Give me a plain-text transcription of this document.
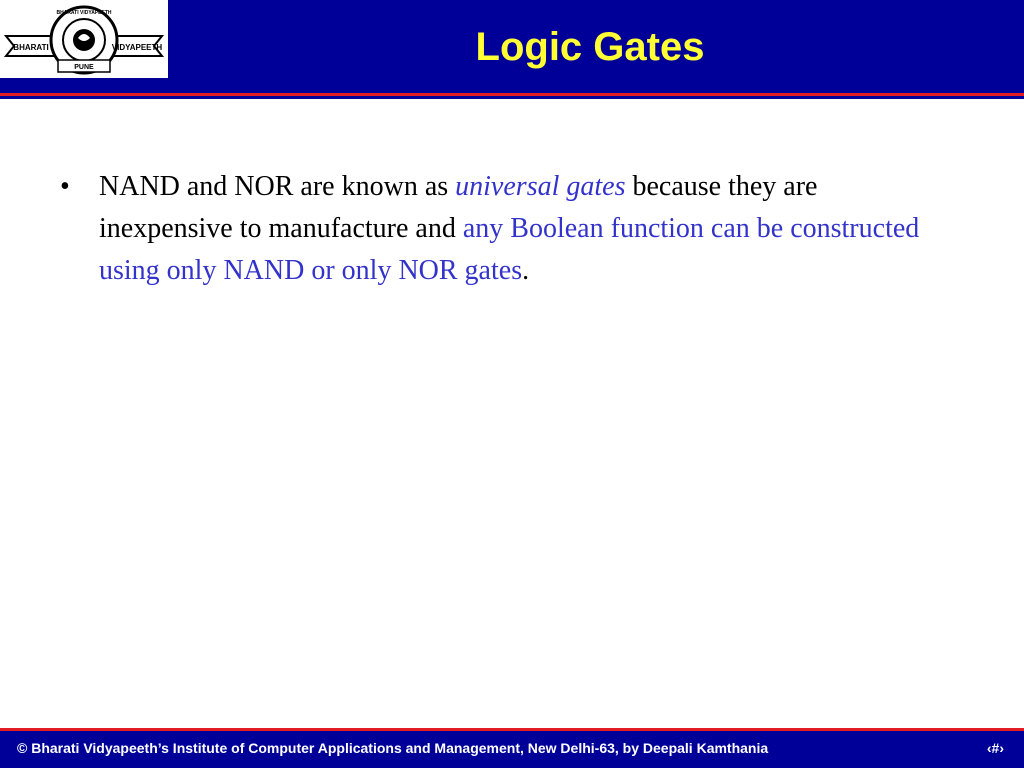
BHARATI	VIDYAPEETH
BHARATI VIDYAPEETH
PUNE	Logic Gates
•	NAND and NOR are known as universal gates because they are inexpensive to manufacture and any Boolean function can be constructed using only NAND or only NOR gates.
© Bharati Vidyapeeth’s Institute of Computer Applications and Management, New Delhi-63, by Deepali Kamthania	‹#›
